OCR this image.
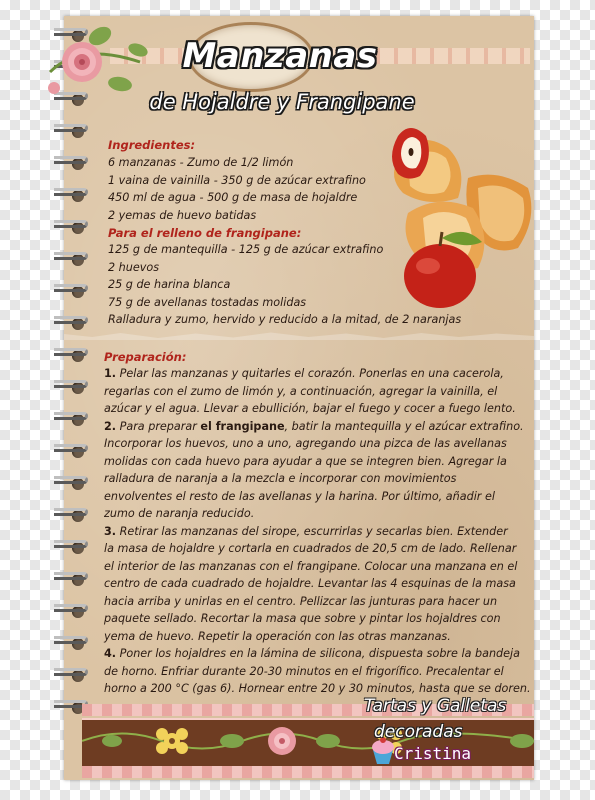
Manzanas
de Hojaldre y Frangipane
Ingredientes:
6 manzanas - Zumo de 1/2 limón
1 vaina de vainilla - 350 g de azúcar extrafino
450 ml de agua - 500 g de masa de hojaldre
2 yemas de huevo batidas
Para el relleno de frangipane:
125 g de mantequilla - 125 g de azúcar extrafino
2 huevos
25 g de harina blanca
75 g de avellanas tostadas molidas
Ralladura y zumo, hervido y reducido a la mitad, de 2 naranjas
Preparación:
1. Pelar las manzanas y quitarles el corazón. Ponerlas en una cacerola,
regarlas con el zumo de limón y, a continuación, agregar la vainilla, el
azúcar y el agua. Llevar a ebullición, bajar el fuego y cocer a fuego lento.
2. Para preparar el frangipane, batir la mantequilla y el azúcar extrafino.
Incorporar los huevos, uno a uno, agregando una pizca de las avellanas
molidas con cada huevo para ayudar a que se integren bien. Agregar la
ralladura de naranja a la mezcla e incorporar con movimientos
envolventes el resto de las avellanas y la harina. Por último, añadir el
zumo de naranja reducido.
3. Retirar las manzanas del sirope, escurrirlas y secarlas bien. Extender
la masa de hojaldre y cortarla en cuadrados de 20,5 cm de lado. Rellenar
el interior de las manzanas con el frangipane. Colocar una manzana en el
centro de cada cuadrado de hojaldre. Levantar las 4 esquinas de la masa
hacia arriba y unirlas en el centro. Pellizcar las junturas para hacer un
paquete sellado. Recortar la masa que sobre y pintar los hojaldres con
yema de huevo. Repetir la operación con las otras manzanas.
4. Poner los hojaldres en la lámina de silicona, dispuesta sobre la bandeja
de horno. Enfriar durante 20-30 minutos en el frigorífico. Precalentar el
horno a 200 °C (gas 6). Hornear entre 20 y 30 minutos, hasta que se doren.
Tartas y Galletas
decoradas
Cristina
